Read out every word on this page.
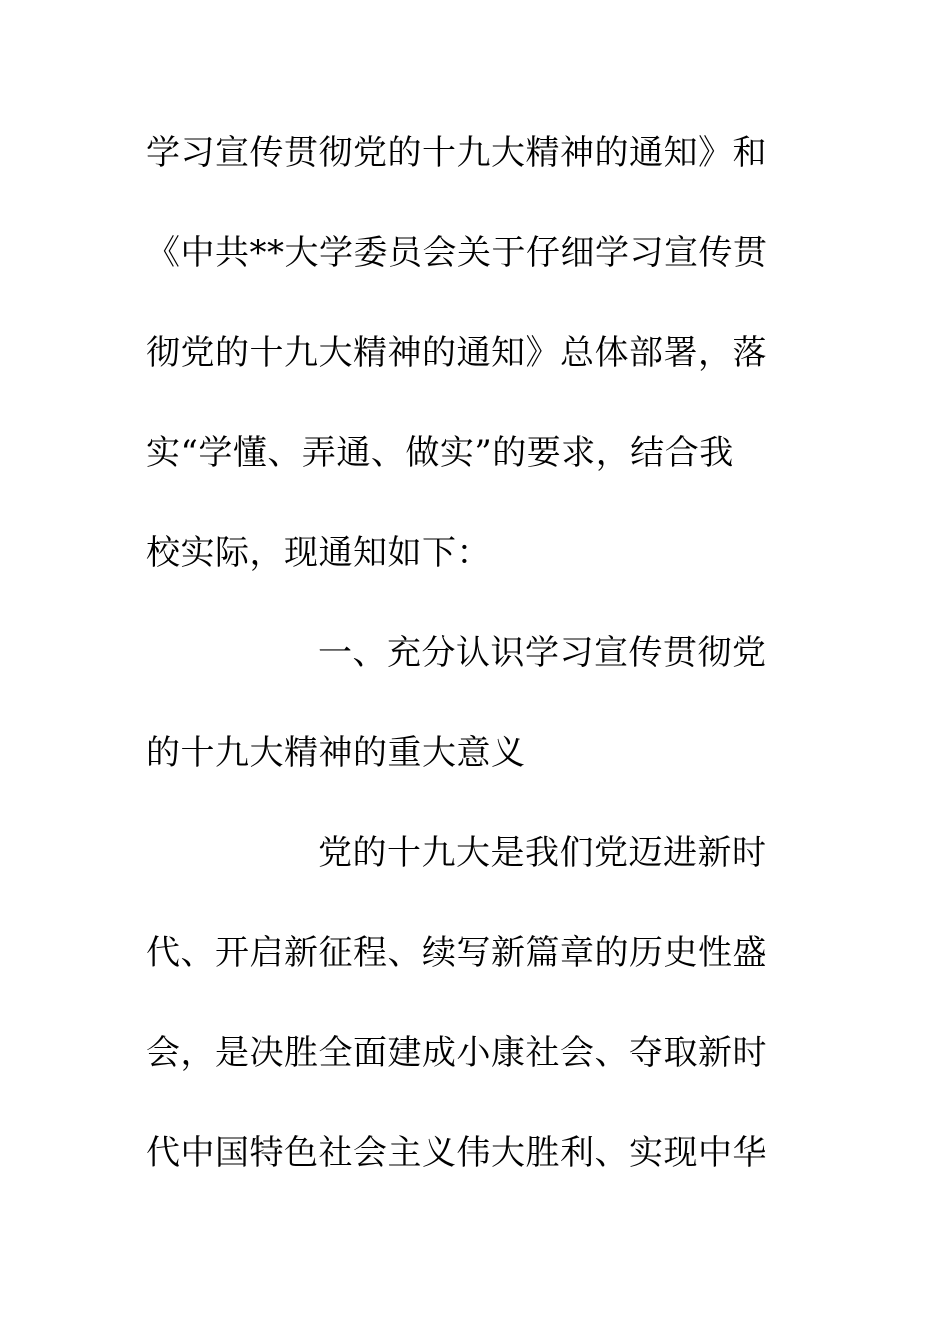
学习宣传贯彻党的十九大精神的通知》和
《中共**大学委员会关于仔细学习宣传贯
彻党的十九大精神的通知》总体部署，落
实“学懂、弄通、做实”的要求，结合我
校实际，现通知如下：
一、充分认识学习宣传贯彻党
的十九大精神的重大意义
党的十九大是我们党迈进新时
代、开启新征程、续写新篇章的历史性盛
会，是决胜全面建成小康社会、夺取新时
代中国特色社会主义伟大胜利、实现中华
